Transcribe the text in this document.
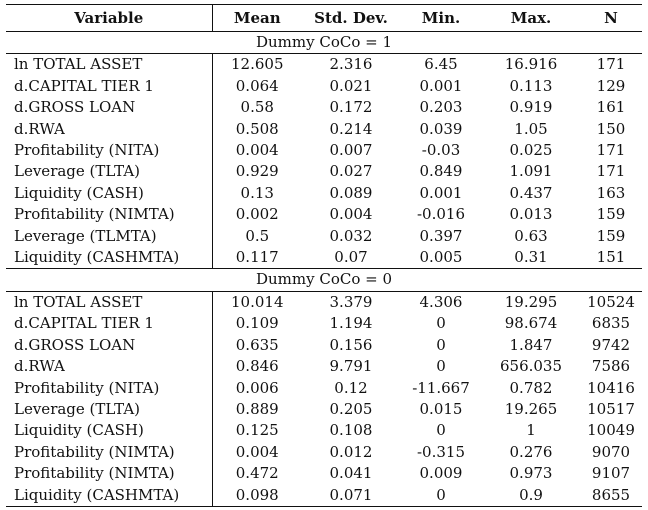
Variable	Mean	Std. Dev.	Min.	Max.	N
Dummy CoCo = 1					
ln TOTAL ASSET	12.605	2.316	6.45	16.916	171
d.CAPITAL TIER 1	0.064	0.021	0.001	0.113	129
d.GROSS LOAN	0.58	0.172	0.203	0.919	161
d.RWA	0.508	0.214	0.039	1.05	150
Profitability (NITA)	0.004	0.007	-0.03	0.025	171
Leverage (TLTA)	0.929	0.027	0.849	1.091	171
Liquidity (CASH)	0.13	0.089	0.001	0.437	163
Profitability (NIMTA)	0.002	0.004	-0.016	0.013	159
Leverage (TLMTA)	0.5	0.032	0.397	0.63	159
Liquidity (CASHMTA)	0.117	0.07	0.005	0.31	151
Dummy CoCo = 0					
ln TOTAL ASSET	10.014	3.379	4.306	19.295	10524
d.CAPITAL TIER 1	0.109	1.194	0	98.674	6835
d.GROSS LOAN	0.635	0.156	0	1.847	9742
d.RWA	0.846	9.791	0	656.035	7586
Profitability (NITA)	0.006	0.12	-11.667	0.782	10416
Leverage (TLTA)	0.889	0.205	0.015	19.265	10517
Liquidity (CASH)	0.125	0.108	0	1	10049
Profitability (NIMTA)	0.004	0.012	-0.315	0.276	9070
Profitability (NIMTA)	0.472	0.041	0.009	0.973	9107
Liquidity (CASHMTA)	0.098	0.071	0	0.9	8655
